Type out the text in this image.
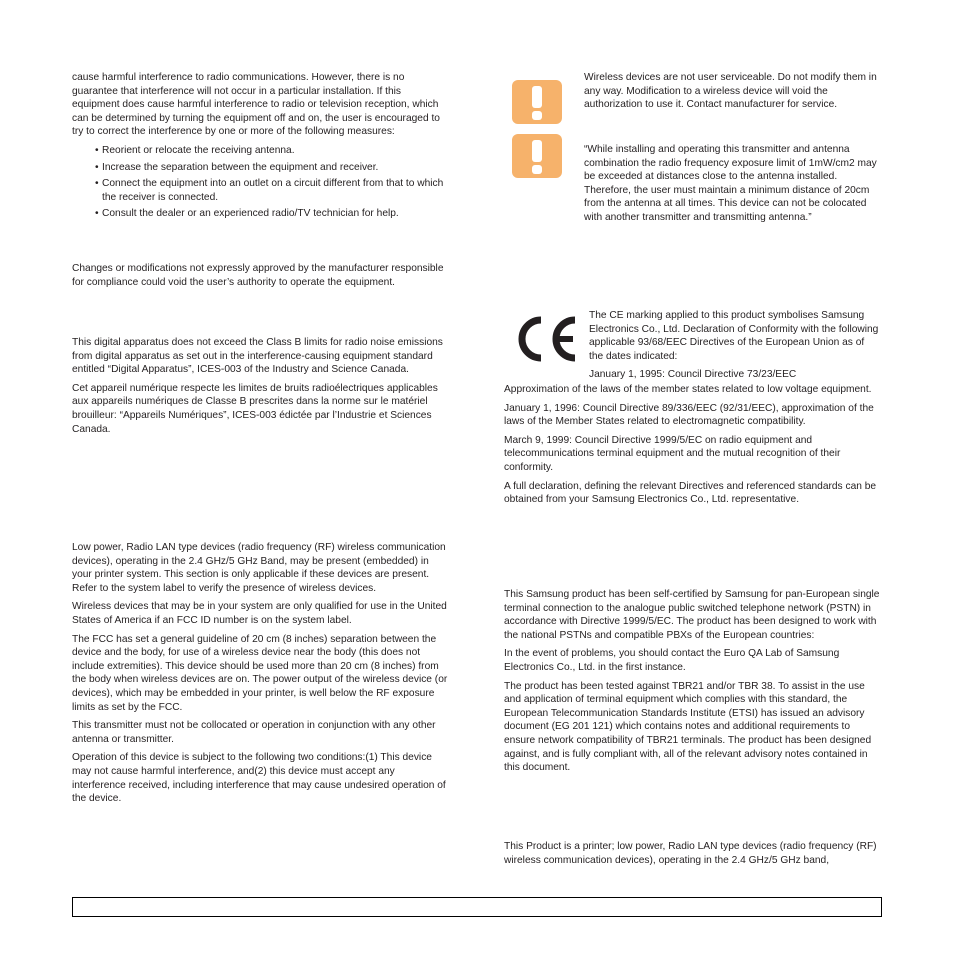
cause harmful interference to radio communications. However, there is no guarantee that interference will not occur in a particular installation. If this equipment does cause harmful interference to radio or television reception, which can be determined by turning the equipment off and on, the user is encouraged to try to correct the interference by one or more of the following measures:

• Reorient or relocate the receiving antenna.
• Increase the separation between the equipment and receiver.
• Connect the equipment into an outlet on a circuit different from that to which the receiver is connected.
• Consult the dealer or an experienced radio/TV technician for help.

Changes or modifications not expressly approved by the manufacturer responsible for compliance could void the user’s authority to operate the equipment.

This digital apparatus does not exceed the Class B limits for radio noise emissions from digital apparatus as set out in the interference-causing equipment standard entitled “Digital Apparatus”, ICES-003 of the Industry and Science Canada.

Cet appareil numérique respecte les limites de bruits radioélectriques applicables aux appareils numériques de Classe B prescrites dans la norme sur le matériel brouilleur: “Appareils Numériques”, ICES-003 édictée par l’Industrie et Sciences Canada.

Low power, Radio LAN type devices (radio frequency (RF) wireless communication devices), operating in the 2.4 GHz/5 GHz Band, may be present (embedded) in your printer system. This section is only applicable if these devices are present. Refer to the system label to verify the presence of wireless devices.

Wireless devices that may be in your system are only qualified for use in the United States of America if an FCC ID number is on the system label.

The FCC has set a general guideline of 20 cm (8 inches) separation between the device and the body, for use of a wireless device near the body (this does not include extremities). This device should be used more than 20 cm (8 inches) from the body when wireless devices are on. The power output of the wireless device (or devices), which may be embedded in your printer, is well below the RF exposure limits as set by the FCC.

This transmitter must not be collocated or operation in conjunction with any other antenna or transmitter.

Operation of this device is subject to the following two conditions:(1) This device may not cause harmful interference, and(2) this device must accept any interference received, including interference that may cause undesired operation of the device.

Wireless devices are not user serviceable. Do not modify them in any way. Modification to a wireless device will void the authorization to use it. Contact manufacturer for service.
“While installing and operating this transmitter and antenna combination the radio frequency exposure limit of 1mW/cm2 may be exceeded at distances close to the antenna installed. Therefore, the user must maintain a minimum distance of 20cm from the antenna at all times. This device can not be colocated with another transmitter and transmitting antenna.”

The CE marking applied to this product symbolises Samsung Electronics Co., Ltd. Declaration of Conformity with the following applicable 93/68/EEC Directives of the European Union as of the dates indicated:

January 1, 1995: Council Directive 73/23/EEC

Approximation of the laws of the member states related to low voltage equipment.

January 1, 1996: Council Directive 89/336/EEC (92/31/EEC), approximation of the laws of the Member States related to electromagnetic compatibility.

March 9, 1999: Council Directive 1999/5/EC on radio equipment and telecommunications terminal equipment and the mutual recognition of their conformity.

A full declaration, defining the relevant Directives and referenced standards can be obtained from your Samsung Electronics Co., Ltd. representative.

This Samsung product has been self-certified by Samsung for pan-European single terminal connection to the analogue public switched telephone network (PSTN) in accordance with Directive 1999/5/EC. The product has been designed to work with the national PSTNs and compatible PBXs of the European countries:

In the event of problems, you should contact the Euro QA Lab of Samsung Electronics Co., Ltd. in the first instance.

The product has been tested against TBR21 and/or TBR 38. To assist in the use and application of terminal equipment which complies with this standard, the European Telecommunication Standards Institute (ETSI) has issued an advisory document (EG 201 121) which contains notes and additional requirements to ensure network compatibility of TBR21 terminals. The product has been designed against, and is fully compliant with, all of the relevant advisory notes contained in this document.

This Product is a printer; low power, Radio LAN type devices (radio frequency (RF) wireless communication devices), operating in the 2.4 GHz/5 GHz band,
